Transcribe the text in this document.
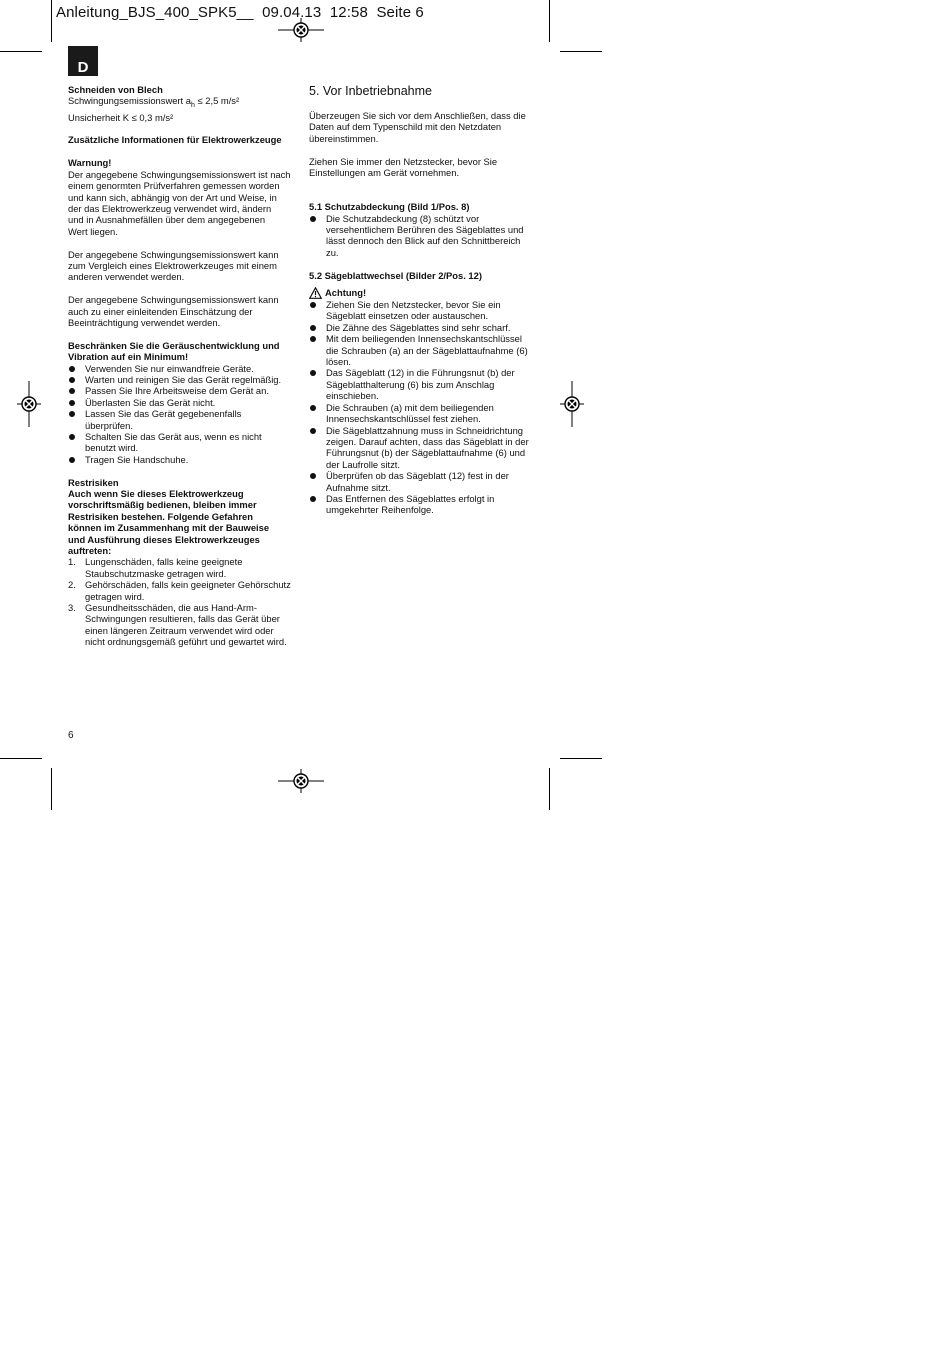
Anleitung_BJS_400_SPK5__ 09.04.13 12:58 Seite 6
D

Schneiden von Blech

Schwingungsemissionswert $a_h \le 2,5$ m/s²

Unsicherheit K ≤ 0,3 m/s²

Zusätzliche Informationen für Elektrowerkzeuge

Warnung!

Der angegebene Schwingungsemissionswert ist nach

einem genormten Prüfverfahren gemessen worden

und kann sich, abhängig von der Art und Weise, in

der das Elektrowerkzeug verwendet wird, ändern

und in Ausnahmefällen über dem angegebenen

Wert liegen.

Der angegebene Schwingungsemissionswert kann

zum Vergleich eines Elektrowerkzeuges mit einem

anderen verwendet werden.

Der angegebene Schwingungsemissionswert kann

auch zu einer einleitenden Einschätzung der

Beeinträchtigung verwendet werden.

Beschränken Sie die Geräuschentwicklung und

Vibration auf ein Minimum!

Verwenden Sie nur einwandfreie Geräte.

Warten und reinigen Sie das Gerät regelmäßig.

Passen Sie Ihre Arbeitsweise dem Gerät an.

Überlasten Sie das Gerät nicht.

Lassen Sie das Gerät gegebenenfalls

überprüfen.

Schalten Sie das Gerät aus, wenn es nicht

benutzt wird.

Tragen Sie Handschuhe.

Restrisiken

Auch wenn Sie dieses Elektrowerkzeug

vorschriftsmäßig bedienen, bleiben immer

Restrisiken bestehen. Folgende Gefahren

können im Zusammenhang mit der Bauweise

und Ausführung dieses Elektrowerkzeuges

auftreten:

1. Lungenschäden, falls keine geeignete

Staubschutzmaske getragen wird.

2. Gehörschäden, falls kein geeigneter Gehörschutz

getragen wird.

3. Gesundheitsschäden, die aus Hand-Arm-

Schwingungen resultieren, falls das Gerät über

einen längeren Zeitraum verwendet wird oder

nicht ordnungsgemäß geführt und gewartet wird.

5. Vor Inbetriebnahme

Überzeugen Sie sich vor dem Anschließen, dass die

Daten auf dem Typenschild mit den Netzdaten

übereinstimmen.

Ziehen Sie immer den Netzstecker, bevor Sie

Einstellungen am Gerät vornehmen.

5.1 Schutzabdeckung (Bild 1/Pos. 8)

Die Schutzabdeckung (8) schützt vor

versehentlichem Berühren des Sägeblattes und

lässt dennoch den Blick auf den Schnittbereich

zu.

5.2 Sägeblattwechsel (Bilder 2/Pos. 12)

Achtung!

Ziehen Sie den Netzstecker, bevor Sie ein

Sägeblatt einsetzen oder austauschen.

Die Zähne des Sägeblattes sind sehr scharf.

Mit dem beiliegenden Innensechskantschlüssel

die Schrauben (a) an der Sägeblattaufnahme (6)

lösen.

Das Sägeblatt (12) in die Führungsnut (b) der

Sägeblatthalterung (6) bis zum Anschlag

einschieben.

Die Schrauben (a) mit dem beiliegenden

Innensechskantschlüssel fest ziehen.

Die Sägeblattzahnung muss in Schneidrichtung

zeigen. Darauf achten, dass das Sägeblatt in der

Führungsnut (b) der Sägeblattaufnahme (6) und

der Laufrolle sitzt.

Überprüfen ob das Sägeblatt (12) fest in der

Aufnahme sitzt.

Das Entfernen des Sägeblattes erfolgt in

umgekehrter Reihenfolge.

6
